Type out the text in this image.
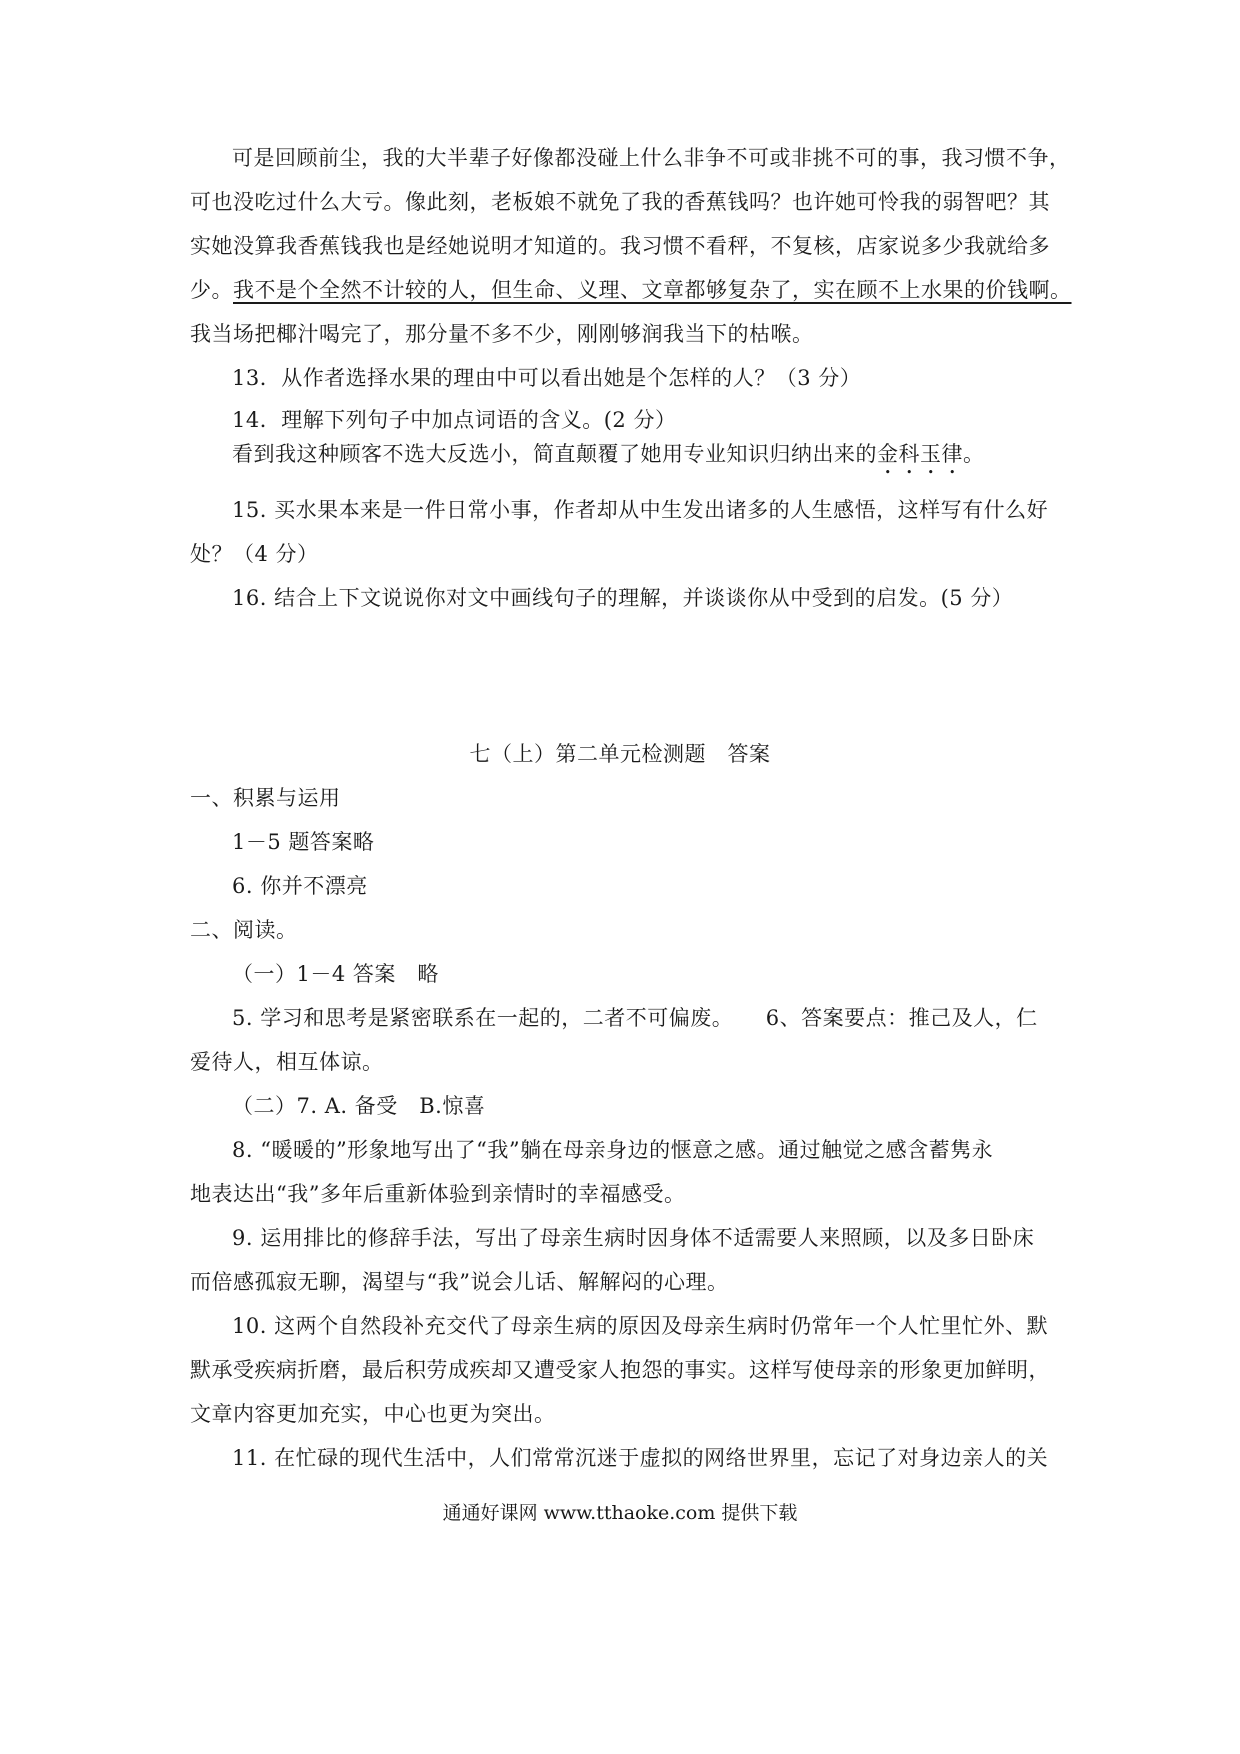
可是回顾前尘，我的大半辈子好像都没碰上什么非争不可或非挑不可的事，我习惯不争，
可也没吃过什么大亏。像此刻，老板娘不就免了我的香蕉钱吗？也许她可怜我的弱智吧？其
实她没算我香蕉钱我也是经她说明才知道的。我习惯不看秤，不复核，店家说多少我就给多
少。我不是个全然不计较的人，但生命、义理、文章都够复杂了，实在顾不上水果的价钱啊。
我当场把椰汁喝完了，那分量不多不少，刚刚够润我当下的枯喉。
13．从作者选择水果的理由中可以看出她是个怎样的人？（3 分）
14．理解下列句子中加点词语的含义。(2 分）
看到我这种顾客不选大反选小，简直颠覆了她用专业知识归纳出来的金科玉律。
15. 买水果本来是一件日常小事，作者却从中生发出诸多的人生感悟，这样写有什么好
处？（4 分）
16. 结合上下文说说你对文中画线句子的理解，并谈谈你从中受到的启发。(5 分）
七（上）第二单元检测题　答案
一、积累与运用
1－5 题答案略
6. 你并不漂亮
二、阅读。
（一）1－4 答案　略
5. 学习和思考是紧密联系在一起的，二者不可偏废。　　6、答案要点：推己及人，仁
爱待人，相互体谅。
（二）7. A. 备受　B.惊喜
8. “暖暖的”形象地写出了“我”躺在母亲身边的惬意之感。通过触觉之感含蓄隽永
地表达出“我”多年后重新体验到亲情时的幸福感受。
9. 运用排比的修辞手法，写出了母亲生病时因身体不适需要人来照顾，以及多日卧床
而倍感孤寂无聊，渴望与“我”说会儿话、解解闷的心理。
10. 这两个自然段补充交代了母亲生病的原因及母亲生病时仍常年一个人忙里忙外、默
默承受疾病折磨，最后积劳成疾却又遭受家人抱怨的事实。这样写使母亲的形象更加鲜明，
文章内容更加充实，中心也更为突出。
11. 在忙碌的现代生活中，人们常常沉迷于虚拟的网络世界里，忘记了对身边亲人的关
通通好课网 www.tthaoke.com 提供下载
